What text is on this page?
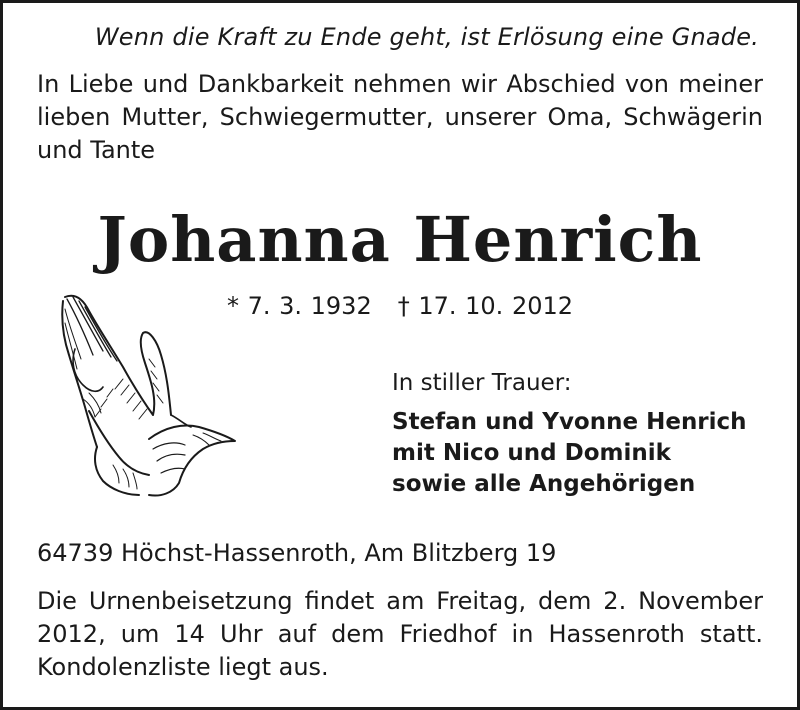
Wenn die Kraft zu Ende geht, ist Erlösung eine Gnade.

In Liebe und Dankbarkeit nehmen wir Abschied von meiner lieben Mutter, Schwiegermutter, unserer Oma, Schwägerin und Tante

Johanna Henrich
* 7. 3. 1932 † 17. 10. 2012
In stiller Trauer:
Stefan und Yvonne Henrich
mit Nico und Dominik
sowie alle Angehörigen
64739 Höchst-Hassenroth, Am Blitzberg 19

Die Urnenbeisetzung findet am Freitag, dem 2. November 2012, um 14 Uhr auf dem Friedhof in Hassenroth statt. Kondolenzliste liegt aus.
